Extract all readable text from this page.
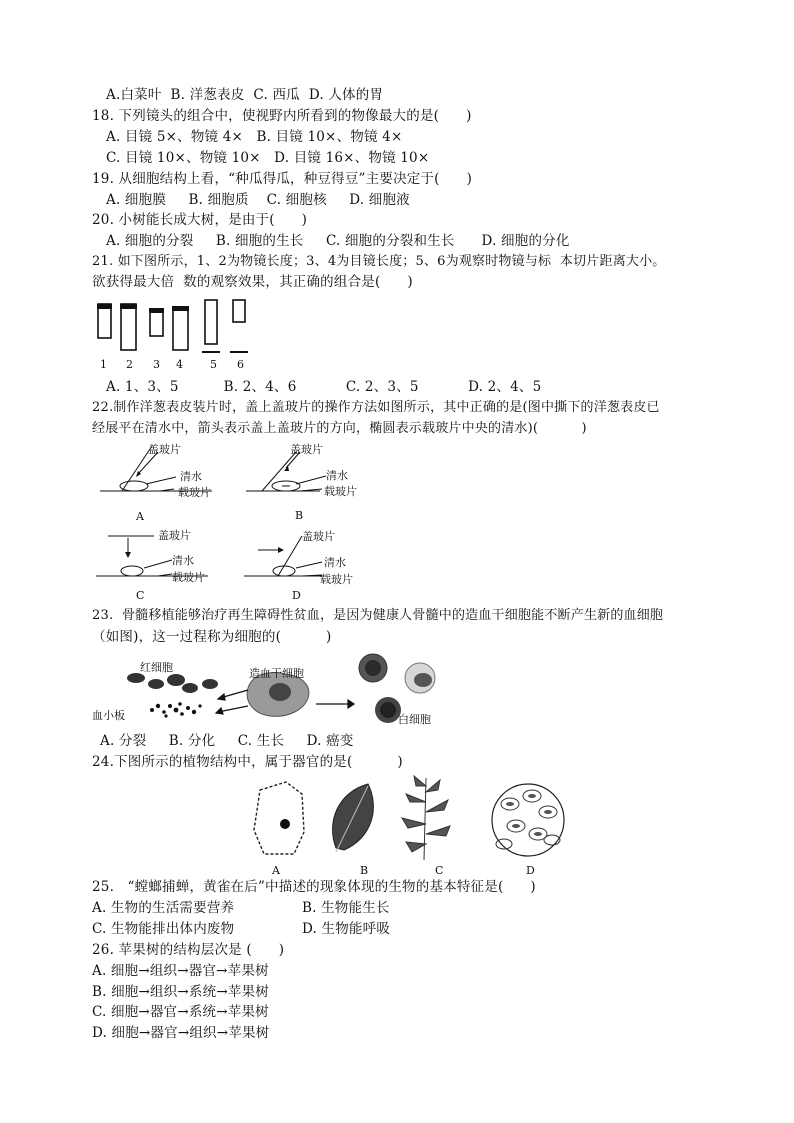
A.白菜叶  B. 洋葱表皮  C. 西瓜  D. 人体的胃
18. 下列镜头的组合中，使视野内所看到的物像最大的是(      )
A. 目镜 5×、物镜 4×   B. 目镜 10×、物镜 4×
C. 目镜 10×、物镜 10×   D. 目镜 16×、物镜 10×
19. 从细胞结构上看，“种瓜得瓜，种豆得豆”主要决定于(      )
A. 细胞膜     B. 细胞质    C. 细胞核     D. 细胞液
20. 小树能长成大树，是由于(      )
A. 细胞的分裂     B. 细胞的生长     C. 细胞的分裂和生长      D. 细胞的分化
21. 如下图所示，1、2为物镜长度；3、4为目镜长度；5、6为观察时物镜与标  本切片距离大小。
欲获得最大倍  数的观察效果，其正确的组合是(      )
1 2 3 4 5 6
A. 1、3、5          B. 2、4、6           C. 2、3、5           D. 2、4、5
22.制作洋葱表皮装片时，盖上盖玻片的操作方法如图所示，其中正确的是(图中撕下的洋葱表皮已
经展平在清水中，箭头表示盖上盖玻片的方向，椭圆表示载玻片中央的清水)(          )
盖玻片
清水
载玻片
A
盖玻片
清水
载玻片
B
盖玻片
清水
载玻片
C
盖玻片
清水
载玻片
D
23.  骨髓移植能够治疗再生障碍性贫血，是因为健康人骨髓中的造血干细胞能不断产生新的血细胞
（如图)，这一过程称为细胞的(          )
红细胞	造血干细胞
血小板	白细胞
A. 分裂     B. 分化     C. 生长     D. 癌变
24.下图所示的植物结构中，属于器官的是(          )
A	B	C	D
25.   “螳螂捕蝉，黄雀在后”中描述的现象体现的生物的基本特征是(      )
A. 生物的生活需要营养	B. 生物能生长
C. 生物能排出体内废物	D. 生物能呼吸
26. 苹果树的结构层次是 (      )
A. 细胞→组织→器官→苹果树
B. 细胞→组织→系统→苹果树
C. 细胞→器官→系统→苹果树
D. 细胞→器官→组织→苹果树
